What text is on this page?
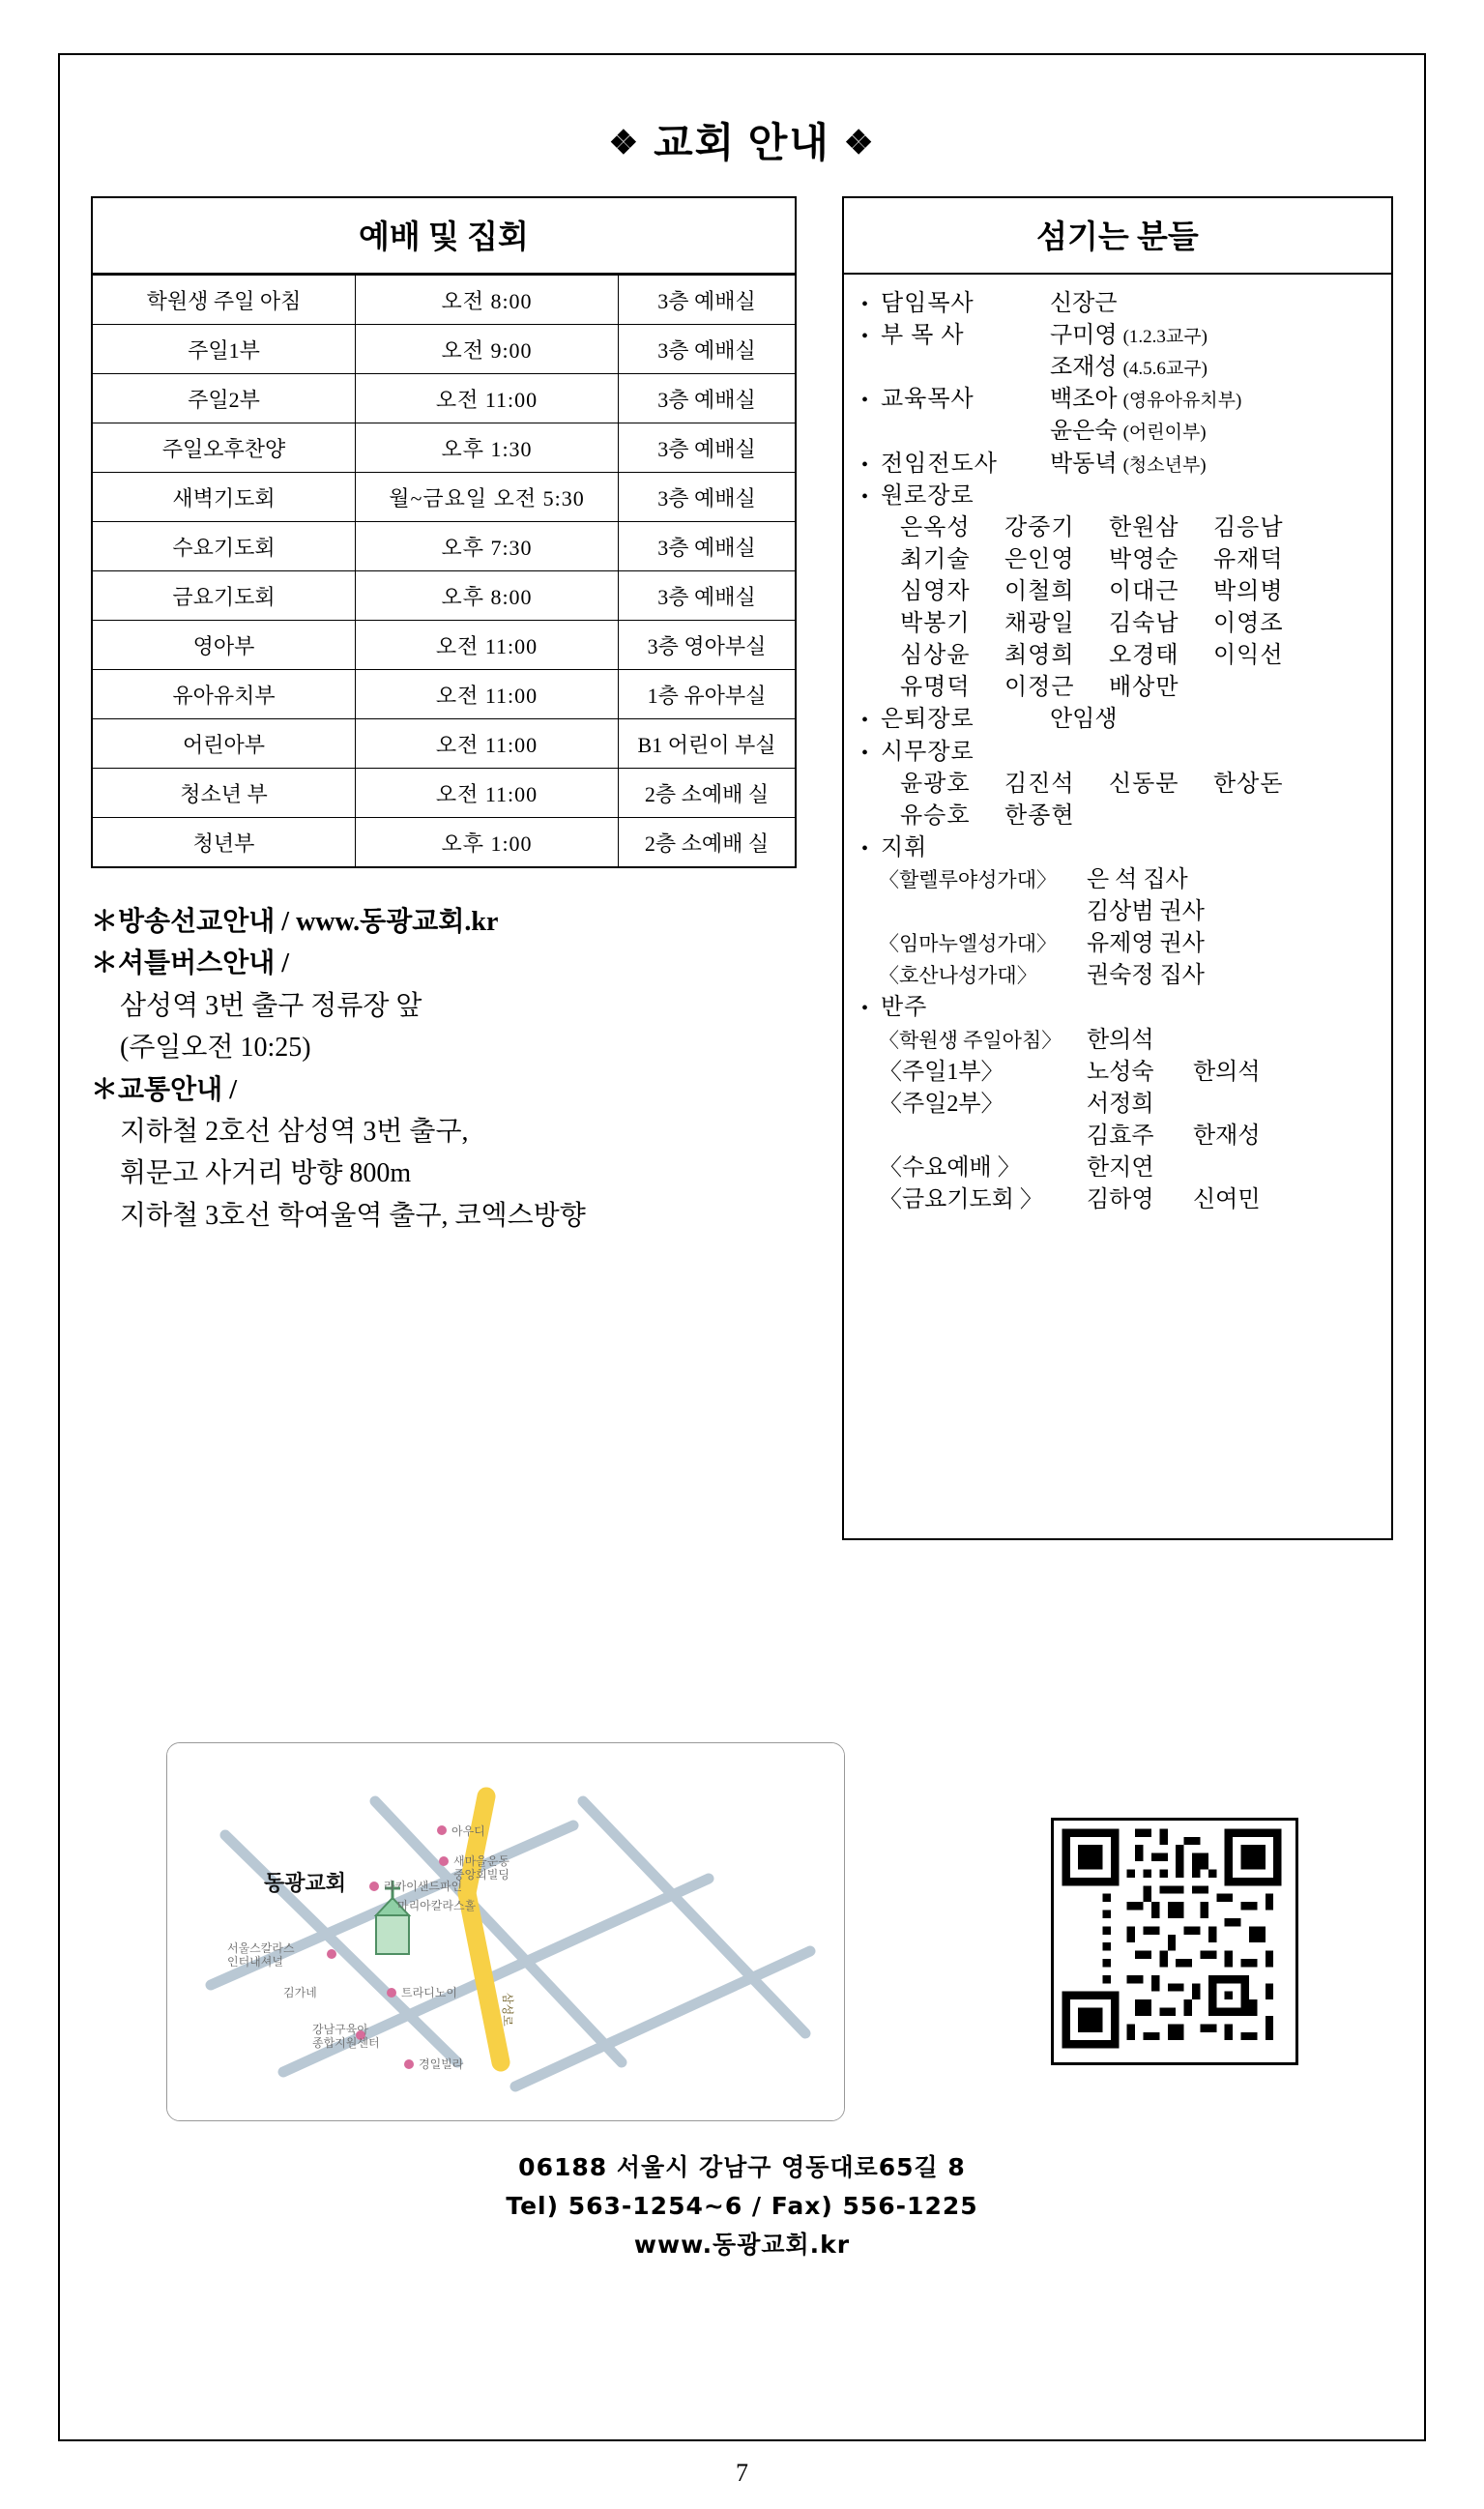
❖ 교회 안내 ❖
예배 및 집회
학원생 주일 아침	오전 8:00	3층 예배실
주일1부	오전 9:00	3층 예배실
주일2부	오전 11:00	3층 예배실
주일오후찬양	오후 1:30	3층 예배실
새벽기도회	월~금요일 오전 5:30	3층 예배실
수요기도회	오후 7:30	3층 예배실
금요기도회	오후 8:00	3층 예배실
영아부	오전 11:00	3층 영아부실
유아유치부	오전 11:00	1층 유아부실
어린아부	오전 11:00	B1 어린이 부실
청소년 부	오전 11:00	2층 소예배 실
청년부	오후 1:00	2층 소예배 실
＊방송선교안내 / www.동광교회.kr
＊셔틀버스안내 /
삼성역 3번 출구 정류장 앞
(주일오전 10:25)
＊교통안내 /
지하철 2호선 삼성역 3번 출구,
휘문고 사거리 방향 800m
지하철 3호선 학여울역 출구, 코엑스방향
섬기는 분들
• 담임목사	신장근
• 부 목 사	구미영 (1.2.3교구)
조재성 (4.5.6교구)
• 교육목사	백조아 (영유아유치부)
윤은숙 (어린이부)
• 전임전도사	박동녁 (청소년부)
• 원로장로
은옥성 강중기 한원삼 김응남
최기술 은인영 박영순 유재덕
심영자 이철희 이대근 박의병
박봉기 채광일 김숙남 이영조
심상윤 최영희 오경태 이익선
유명덕 이정근 배상만
• 은퇴장로	안임생
• 시무장로
윤광호 김진석 신동문 한상돈
유승호 한종현
• 지휘
〈할렐루야성가대〉	은 석 집사
김상범 권사
〈임마누엘성가대〉	유제영 권사
〈호산나성가대〉	권숙정 집사
• 반주
〈학원생 주일아침〉	한의석
〈주일1부〉	노성숙 한의석
〈주일2부〉	서정희
김효주 한재성
〈수요예배 〉	한지연
〈금요기도회 〉	김하영 신여민
삼성로
동광교회
아우디
라카이샌드파인
새마을운동
중앙회빌딩
마리아칼라스홀
서울스칼라스
인터내셔널
김가네	트라디노이
강남구육아
종합지원센터
경일빌라
06188 서울시 강남구 영동대로65길 8
Tel) 563-1254~6 / Fax) 556-1225
www.동광교회.kr
7
